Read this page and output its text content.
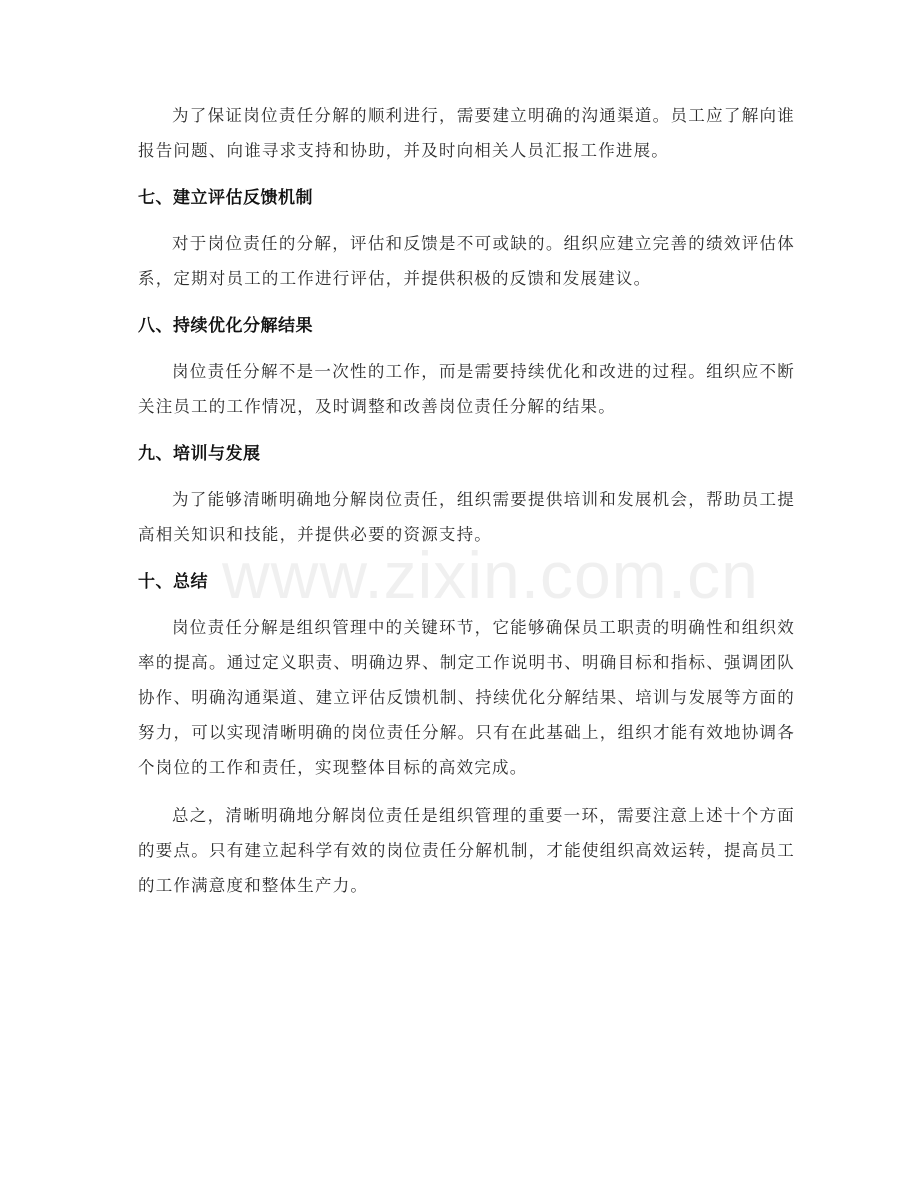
为了保证岗位责任分解的顺利进行，需要建立明确的沟通渠道。员工应了解向谁报告问题、向谁寻求支持和协助，并及时向相关人员汇报工作进展。

七、建立评估反馈机制

对于岗位责任的分解，评估和反馈是不可或缺的。组织应建立完善的绩效评估体系，定期对员工的工作进行评估，并提供积极的反馈和发展建议。

八、持续优化分解结果

岗位责任分解不是一次性的工作，而是需要持续优化和改进的过程。组织应不断关注员工的工作情况，及时调整和改善岗位责任分解的结果。

九、培训与发展

为了能够清晰明确地分解岗位责任，组织需要提供培训和发展机会，帮助员工提高相关知识和技能，并提供必要的资源支持。

十、总结

岗位责任分解是组织管理中的关键环节，它能够确保员工职责的明确性和组织效率的提高。通过定义职责、明确边界、制定工作说明书、明确目标和指标、强调团队协作、明确沟通渠道、建立评估反馈机制、持续优化分解结果、培训与发展等方面的努力，可以实现清晰明确的岗位责任分解。只有在此基础上，组织才能有效地协调各个岗位的工作和责任，实现整体目标的高效完成。

总之，清晰明确地分解岗位责任是组织管理的重要一环，需要注意上述十个方面的要点。只有建立起科学有效的岗位责任分解机制，才能使组织高效运转，提高员工的工作满意度和整体生产力。

www.zixin.com.cn
